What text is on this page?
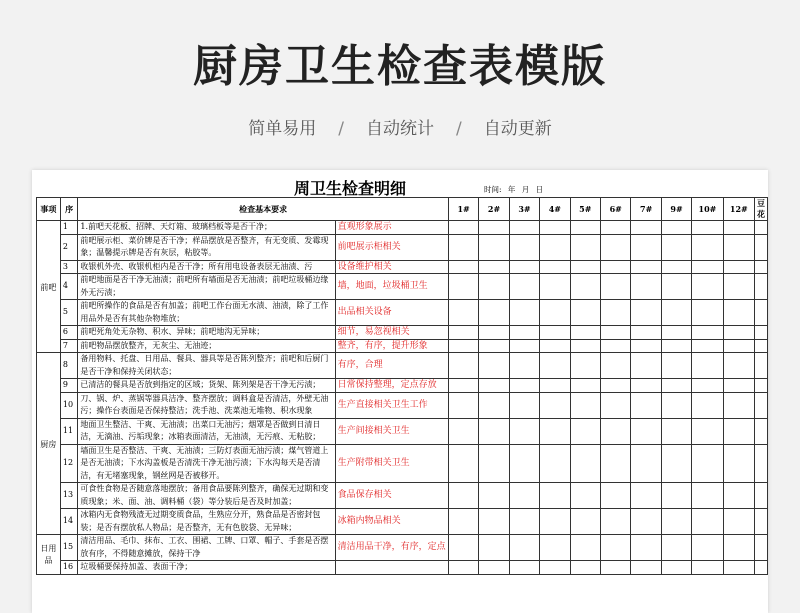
厨房卫生检查表模版
简单易用 / 自动统计 / 自动更新
周卫生检查明细	时间: 年 月 日
事项	序	检查基本要求		1#	2#	3#	4#	5#	6#	7#	9#	10#	12#	豆花
前吧	1	1.前吧天花板、招牌、天灯箱、玻璃档板等是否干净；	直观形象展示											
	2	前吧展示柜、菜价牌是否干净；样品摆放是否整齐，有无变质、发霉现象；温馨提示牌是否有灰层，粘胶等。	前吧展示柜相关											
	3	收银机外壳、收银机柜内是否干净；所有用电设备表层无油渍、污	设备维护相关											
	4	前吧地面是否干净无油渍；前吧所有墙面是否无油渍；前吧垃圾桶边缘外无污渍；	墙，地面，垃圾桶卫生											
	5	前吧所操作的食品是否有加盖；前吧工作台面无水渍、油渍，除了工作用品外是否有其他杂物堆放；	出品相关设备											
	6	前吧死角处无杂物、积水、异味；前吧地沟无异味；	细节，易忽视相关											
	7	前吧物品摆放整齐，无灰尘、无油迹；	整齐，有序，提升形象											
厨房	8	备用物料、托盘、日用品、餐具、器具等是否陈列整齐；前吧和后厨门是否干净和保持关闭状态；	有序，合理											
	9	已清洁的餐具是否放到指定的区域；货架、陈列架是否干净无污渍；	日常保持整理，定点存放											
	10	刀、锅、炉、蒸锅等器具洁净、整齐摆放；调料盒是否清洁，外壁无油污；操作台表面是否保持整洁；洗手池、洗菜池无堆物、积水现象	生产直接相关卫生工作											
	11	地面卫生整洁、干爽、无油渍；出菜口无油污；烟罩是否做到日清日洁，无滴油、污垢现象；冰箱表面清洁，无油渍，无污痕、无粘胶；	生产间接相关卫生											
	12	墙面卫生是否整洁、干爽、无油渍；三防灯表面无油污渍；煤气管道上是否无油渍；下水沟盖板是否清洗干净无油污渍；下水沟每天是否清洁，有无堵塞现象，钢丝网是否被移开。	生产附带相关卫生											
	13	可食性食物是否随意落地摆放；备用食品要陈列整齐，确保无过期和变质现象；米、面、油、调料桶（袋）等分装后是否及时加盖；	食品保存相关											
	14	冰箱内无食物残渣无过期变质食品，生熟应分开，熟食品是否密封包装；是否有摆放私人物品；是否整齐，无有色胶袋、无异味；	冰箱内物品相关											
日用品	15	清洁用品、毛巾、抹布、工衣、围裙、工牌、口罩、帽子、手套是否摆放有序，不得随意摊放，保持干净	清洁用品干净，有序，定点											
	16	垃圾桶要保持加盖、表面干净；												
